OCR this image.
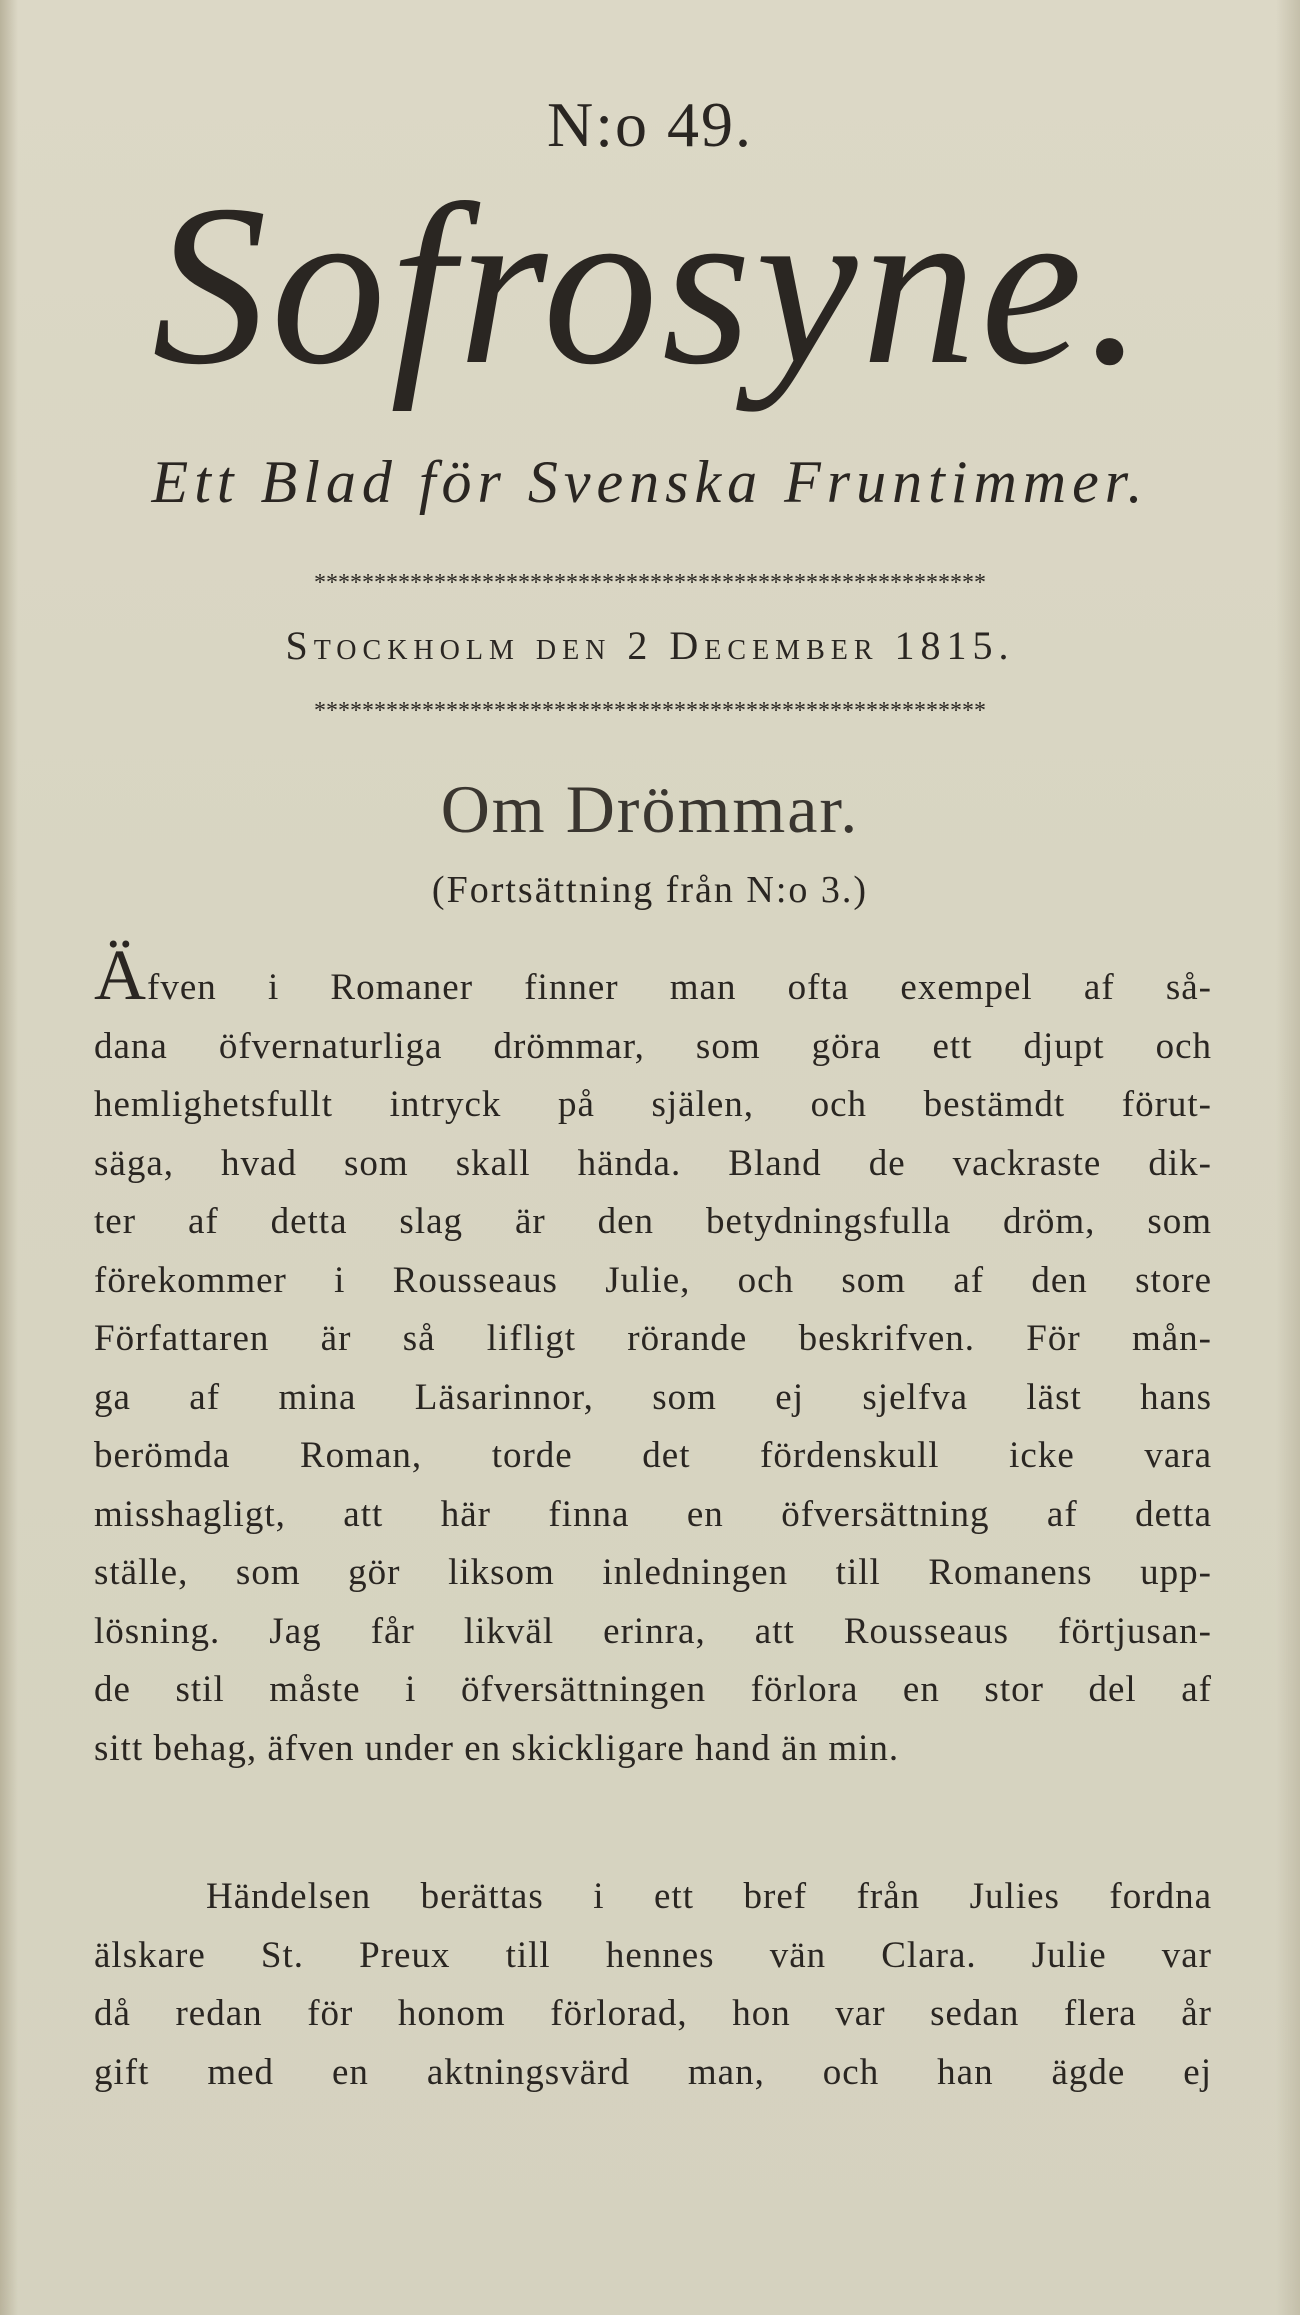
N:o 49.
Sofrosyne.
Ett Blad för Svenska Fruntimmer.
********************************************************
Stockholm den 2 December 1815.
********************************************************
Om Drömmar.
(Fortsättning från N:o 3.)
Äfven i Romaner finner man ofta exempel af så-
dana öfvernaturliga drömmar, som göra ett djupt och
hemlighetsfullt intryck på själen, och bestämdt förut-
säga, hvad som skall hända. Bland de vackraste dik-
ter af detta slag är den betydningsfulla dröm, som
förekommer i Rousseaus Julie, och som af den store
Författaren är så lifligt rörande beskrifven. För mån-
ga af mina Läsarinnor, som ej sjelfva läst hans
berömda Roman, torde det fördenskull icke vara
misshagligt, att här finna en öfversättning af detta
ställe, som gör liksom inledningen till Romanens upp-
lösning. Jag får likväl erinra, att Rousseaus förtjusan-
de stil måste i öfversättningen förlora en stor del af
sitt behag, äfven under en skickligare hand än min.
Händelsen berättas i ett bref från Julies fordna
älskare St. Preux till hennes vän Clara. Julie var
då redan för honom förlorad, hon var sedan flera år
gift med en aktningsvärd man, och han ägde ej
